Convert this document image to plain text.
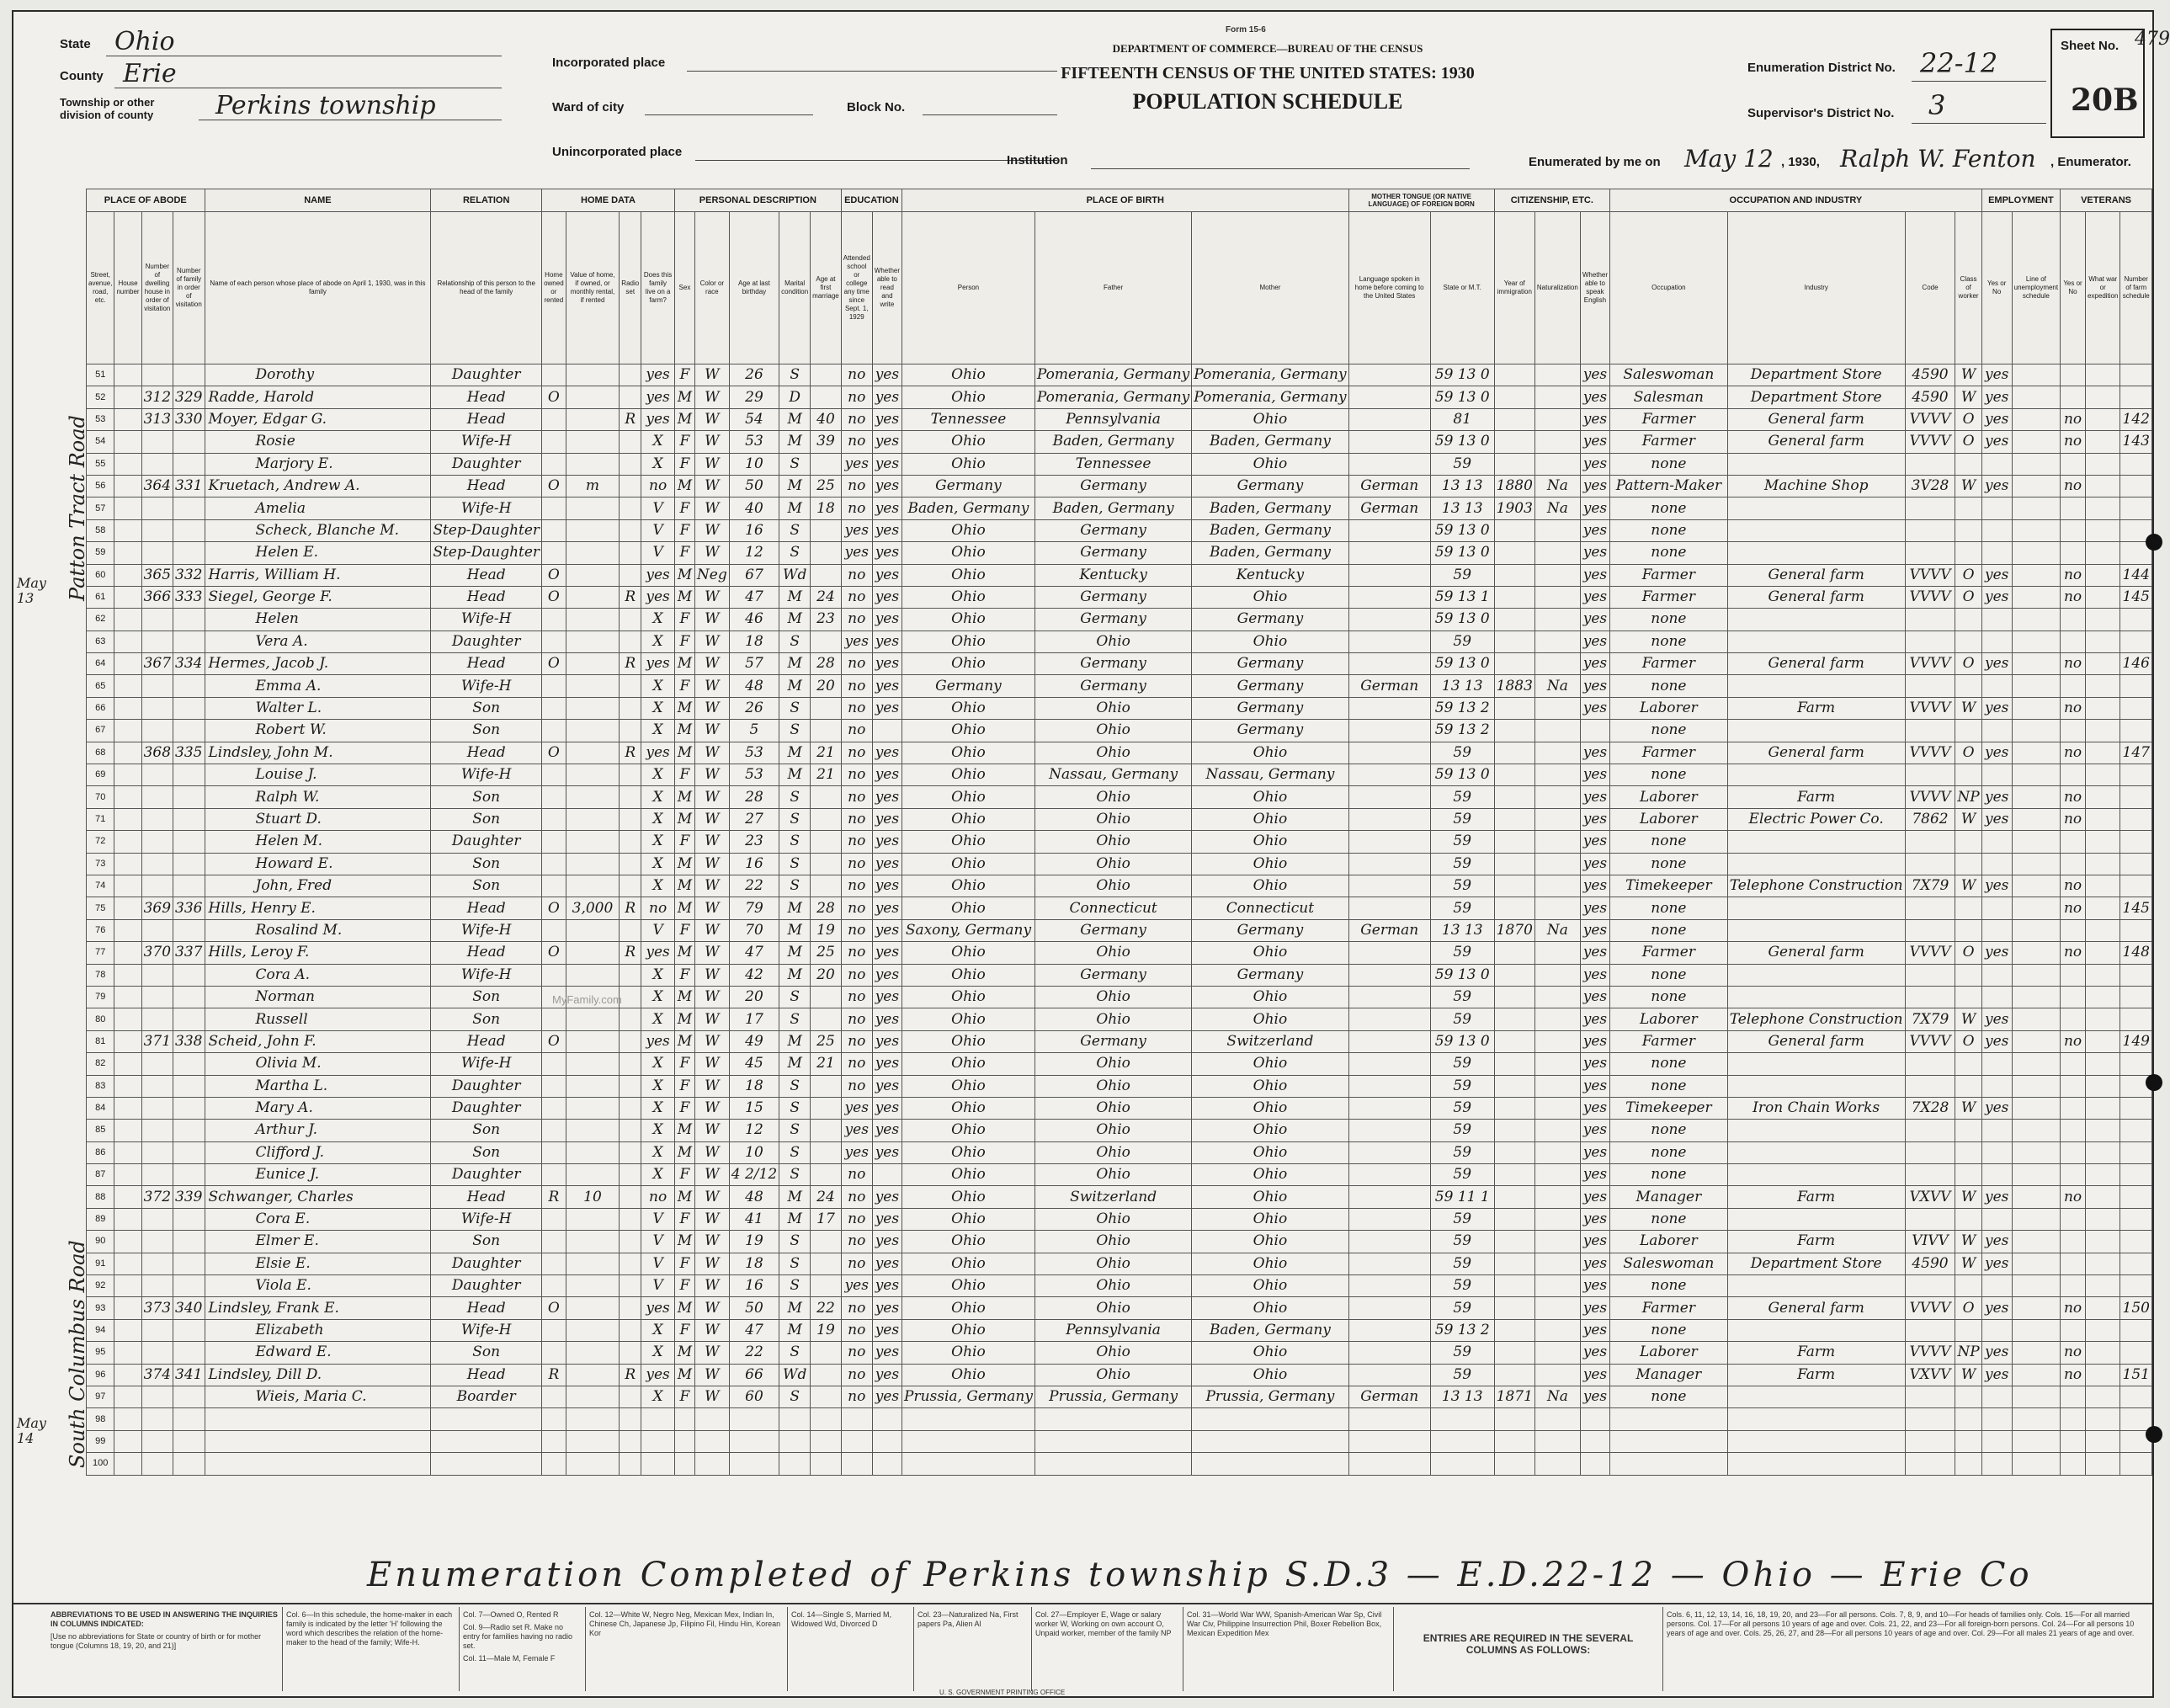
State Ohio
County Erie
Township or other division of county	Perkins township
Incorporated place
Ward of city	Block No.
Unincorporated place
Form 15-6
DEPARTMENT OF COMMERCE—BUREAU OF THE CENSUS
FIFTEENTH CENSUS OF THE UNITED STATES: 1930
POPULATION SCHEDULE
Institution
Enumeration District No. 22-12
Supervisor's District No. 3
Sheet No.
20B
479
Enumerated by me on May 12 , 1930, Ralph W. Fenton , Enumerator.
PLACE OF ABODE				NAME	RELATION	HOME DATA				PERSONAL DESCRIPTION					EDUCATION		PLACE OF BIRTH			MOTHER TONGUE (OR NATIVE LANGUAGE) OF FOREIGN BORN		CITIZENSHIP, ETC.			OCCUPATION AND INDUSTRY				EMPLOYMENT		VETERANS		
Street, avenue, road, etc.	House number	Number of dwelling house in order of visitation	Number of family in order of visitation	Name of each person whose place of abode on April 1, 1930, was in this family	Relationship of this person to the head of the family	Home owned or rented	Value of home, if owned, or monthly rental, if rented	Radio set	Does this family live on a farm?	Sex	Color or race	Age at last birthday	Marital condition	Age at first marriage	Attended school or college any time since Sept. 1, 1929	Whether able to read and write	Person	Father	Mother	Language spoken in home before coming to the United States	State or M.T.	Year of immigration	Naturalization	Whether able to speak English	Occupation	Industry	Code	Class of worker	Yes or No	Line of unemployment schedule	Yes or No	What war or expedition	Number of farm schedule
51				Dorothy	Daughter				yes	F	W	26	S		no	yes	Ohio	Pomerania, Germany	Pomerania, Germany		59 13 0			yes	Saleswoman	Department Store	4590	W	yes				
52		312	329	Radde, Harold	Head	O			yes	M	W	29	D		no	yes	Ohio	Pomerania, Germany	Pomerania, Germany		59 13 0			yes	Salesman	Department Store	4590	W	yes				
53		313	330	Moyer, Edgar G.	Head			R	yes	M	W	54	M	40	no	yes	Tennessee	Pennsylvania	Ohio		81			yes	Farmer	General farm	VVVV	O	yes		no		142
54				Rosie	Wife-H				X	F	W	53	M	39	no	yes	Ohio	Baden, Germany	Baden, Germany		59 13 0			yes	Farmer	General farm	VVVV	O	yes		no		143
55				Marjory E.	Daughter				X	F	W	10	S		yes	yes	Ohio	Tennessee	Ohio		59			yes	none								
56		364	331	Kruetach, Andrew A.	Head	O	m		no	M	W	50	M	25	no	yes	Germany	Germany	Germany	German	13 13	1880	Na	yes	Pattern-Maker	Machine Shop	3V28	W	yes		no		
57				Amelia	Wife-H				V	F	W	40	M	18	no	yes	Baden, Germany	Baden, Germany	Baden, Germany	German	13 13	1903	Na	yes	none								
58				Scheck, Blanche M.	Step-Daughter				V	F	W	16	S		yes	yes	Ohio	Germany	Baden, Germany		59 13 0			yes	none								
59				Helen E.	Step-Daughter				V	F	W	12	S		yes	yes	Ohio	Germany	Baden, Germany		59 13 0			yes	none								
60		365	332	Harris, William H.	Head	O			yes	M	Neg	67	Wd		no	yes	Ohio	Kentucky	Kentucky		59			yes	Farmer	General farm	VVVV	O	yes		no		144
61		366	333	Siegel, George F.	Head	O		R	yes	M	W	47	M	24	no	yes	Ohio	Germany	Ohio		59 13 1			yes	Farmer	General farm	VVVV	O	yes		no		145
62				Helen	Wife-H				X	F	W	46	M	23	no	yes	Ohio	Germany	Germany		59 13 0			yes	none								
63				Vera A.	Daughter				X	F	W	18	S		yes	yes	Ohio	Ohio	Ohio		59			yes	none								
64		367	334	Hermes, Jacob J.	Head	O		R	yes	M	W	57	M	28	no	yes	Ohio	Germany	Germany		59 13 0			yes	Farmer	General farm	VVVV	O	yes		no		146
65				Emma A.	Wife-H				X	F	W	48	M	20	no	yes	Germany	Germany	Germany	German	13 13	1883	Na	yes	none								
66				Walter L.	Son				X	M	W	26	S		no	yes	Ohio	Ohio	Germany		59 13 2			yes	Laborer	Farm	VVVV	W	yes		no		
67				Robert W.	Son				X	M	W	5	S		no		Ohio	Ohio	Germany		59 13 2				none								
68		368	335	Lindsley, John M.	Head	O		R	yes	M	W	53	M	21	no	yes	Ohio	Ohio	Ohio		59			yes	Farmer	General farm	VVVV	O	yes		no		147
69				Louise J.	Wife-H				X	F	W	53	M	21	no	yes	Ohio	Nassau, Germany	Nassau, Germany		59 13 0			yes	none								
70				Ralph W.	Son				X	M	W	28	S		no	yes	Ohio	Ohio	Ohio		59			yes	Laborer	Farm	VVVV	NP	yes		no		
71				Stuart D.	Son				X	M	W	27	S		no	yes	Ohio	Ohio	Ohio		59			yes	Laborer	Electric Power Co.	7862	W	yes		no		
72				Helen M.	Daughter				X	F	W	23	S		no	yes	Ohio	Ohio	Ohio		59			yes	none								
73				Howard E.	Son				X	M	W	16	S		no	yes	Ohio	Ohio	Ohio		59			yes	none								
74				John, Fred	Son				X	M	W	22	S		no	yes	Ohio	Ohio	Ohio		59			yes	Timekeeper	Telephone Construction	7X79	W	yes		no		
75		369	336	Hills, Henry E.	Head	O	3,000	R	no	M	W	79	M	28	no	yes	Ohio	Connecticut	Connecticut		59			yes	none						no		145
76				Rosalind M.	Wife-H				V	F	W	70	M	19	no	yes	Saxony, Germany	Germany	Germany	German	13 13	1870	Na	yes	none								
77		370	337	Hills, Leroy F.	Head	O		R	yes	M	W	47	M	25	no	yes	Ohio	Ohio	Ohio		59			yes	Farmer	General farm	VVVV	O	yes		no		148
78				Cora A.	Wife-H				X	F	W	42	M	20	no	yes	Ohio	Germany	Germany		59 13 0			yes	none								
79				Norman	Son				X	M	W	20	S		no	yes	Ohio	Ohio	Ohio		59			yes	none								
80				Russell	Son				X	M	W	17	S		no	yes	Ohio	Ohio	Ohio		59			yes	Laborer	Telephone Construction	7X79	W	yes				
81		371	338	Scheid, John F.	Head	O			yes	M	W	49	M	25	no	yes	Ohio	Germany	Switzerland		59 13 0			yes	Farmer	General farm	VVVV	O	yes		no		149
82				Olivia M.	Wife-H				X	F	W	45	M	21	no	yes	Ohio	Ohio	Ohio		59			yes	none								
83				Martha L.	Daughter				X	F	W	18	S		no	yes	Ohio	Ohio	Ohio		59			yes	none								
84				Mary A.	Daughter				X	F	W	15	S		yes	yes	Ohio	Ohio	Ohio		59			yes	Timekeeper	Iron Chain Works	7X28	W	yes				
85				Arthur J.	Son				X	M	W	12	S		yes	yes	Ohio	Ohio	Ohio		59			yes	none								
86				Clifford J.	Son				X	M	W	10	S		yes	yes	Ohio	Ohio	Ohio		59			yes	none								
87				Eunice J.	Daughter				X	F	W	4 2/12	S		no		Ohio	Ohio	Ohio		59			yes	none								
88		372	339	Schwanger, Charles	Head	R	10		no	M	W	48	M	24	no	yes	Ohio	Switzerland	Ohio		59 11 1			yes	Manager	Farm	VXVV	W	yes		no		
89				Cora E.	Wife-H				V	F	W	41	M	17	no	yes	Ohio	Ohio	Ohio		59			yes	none								
90				Elmer E.	Son				V	M	W	19	S		no	yes	Ohio	Ohio	Ohio		59			yes	Laborer	Farm	VIVV	W	yes				
91				Elsie E.	Daughter				V	F	W	18	S		no	yes	Ohio	Ohio	Ohio		59			yes	Saleswoman	Department Store	4590	W	yes				
92				Viola E.	Daughter				V	F	W	16	S		yes	yes	Ohio	Ohio	Ohio		59			yes	none								
93		373	340	Lindsley, Frank E.	Head	O			yes	M	W	50	M	22	no	yes	Ohio	Ohio	Ohio		59			yes	Farmer	General farm	VVVV	O	yes		no		150
94				Elizabeth	Wife-H				X	F	W	47	M	19	no	yes	Ohio	Pennsylvania	Baden, Germany		59 13 2			yes	none								
95				Edward E.	Son				X	M	W	22	S		no	yes	Ohio	Ohio	Ohio		59			yes	Laborer	Farm	VVVV	NP	yes		no		
96		374	341	Lindsley, Dill D.	Head	R		R	yes	M	W	66	Wd		no	yes	Ohio	Ohio	Ohio		59			yes	Manager	Farm	VXVV	W	yes		no		151
97				Wieis, Maria C.	Boarder				X	F	W	60	S		no	yes	Prussia, Germany	Prussia, Germany	Prussia, Germany	German	13 13	1871	Na	yes	none								
98																																	
99																																	
100																																	
Patton Tract Road
South Columbus Road
May 13
May 14
Enumeration Completed of Perkins township S.D.3 — E.D.22-12 — Ohio — Erie Co
MyFamily.com
ABBREVIATIONS TO BE USED IN ANSWERING THE INQUIRIES IN COLUMNS INDICATED:
[Use no abbreviations for State or country of birth or for mother tongue (Columns 18, 19, 20, and 21)]
Col. 6—In this schedule, the home-maker in each family is indicated by the letter 'H' following the word which describes the relation of the home-maker to the head of the family; Wife-H.
Col. 7—Owned O, Rented R
Col. 9—Radio set R. Make no entry for families having no radio set.
Col. 11—Male M, Female F
Col. 12—White W, Negro Neg, Mexican Mex, Indian In, Chinese Ch, Japanese Jp, Filipino Fil, Hindu Hin, Korean Kor
Col. 14—Single S, Married M, Widowed Wd, Divorced D
Col. 23—Naturalized Na, First papers Pa, Alien Al
Col. 27—Employer E, Wage or salary worker W, Working on own account O, Unpaid worker, member of the family NP
Col. 31—World War WW, Spanish-American War Sp, Civil War Civ, Philippine Insurrection Phil, Boxer Rebellion Box, Mexican Expedition Mex	ENTRIES ARE REQUIRED IN THE SEVERAL COLUMNS AS FOLLOWS:
Cols. 6, 11, 12, 13, 14, 16, 18, 19, 20, and 23—For all persons. Cols. 7, 8, 9, and 10—For heads of families only. Cols. 15—For all married persons. Col. 17—For all persons 10 years of age and over. Cols. 21, 22, and 23—For all foreign-born persons. Col. 24—For all persons 10 years of age and over. Cols. 25, 26, 27, and 28—For all persons 10 years of age and over. Col. 29—For all males 21 years of age and over.
U. S. GOVERNMENT PRINTING OFFICE
